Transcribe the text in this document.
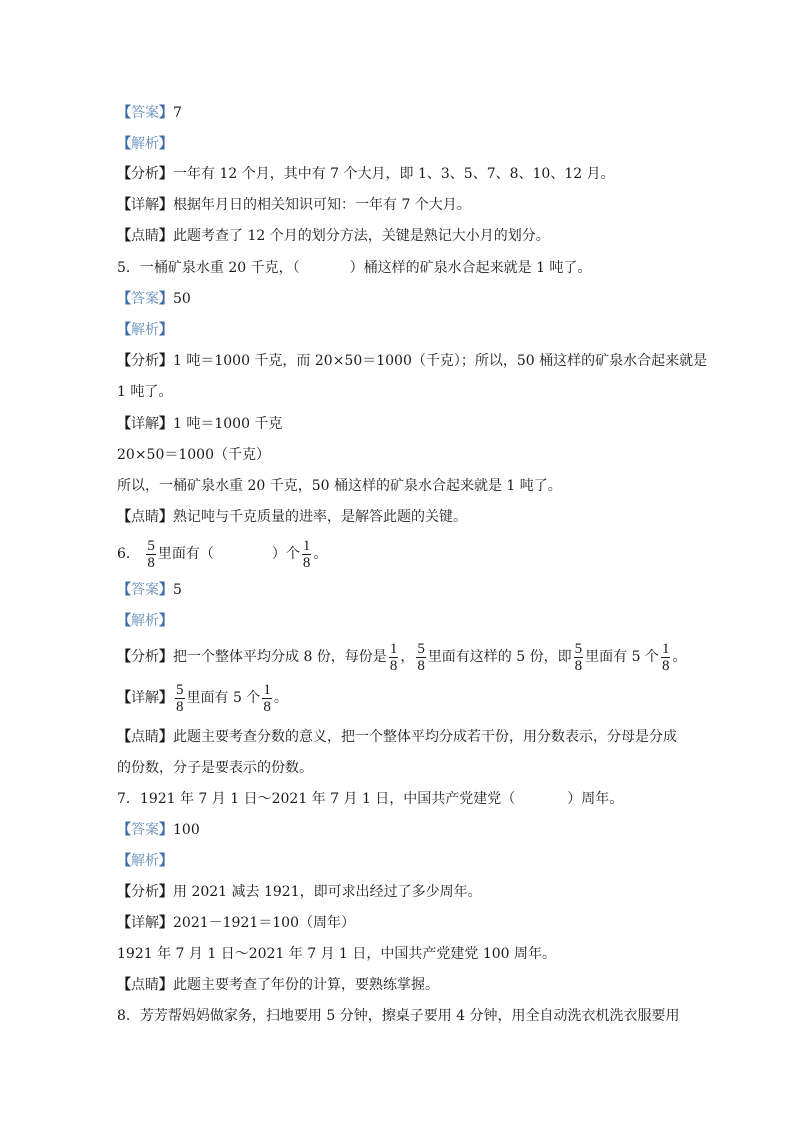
【答案】7
【解析】
【分析】一年有 12 个月，其中有 7 个大月，即 1、3、5、7、8、10、12 月。
【详解】根据年月日的相关知识可知：一年有 7 个大月。
【点睛】此题考查了 12 个月的划分方法，关键是熟记大小月的划分。
5．一桶矿泉水重 20 千克，（	）桶这样的矿泉水合起来就是 1 吨了。
【答案】50
【解析】
【分析】1 吨＝1000 千克，而 20×50＝1000（千克）；所以，50 桶这样的矿泉水合起来就是
1 吨了。
【详解】1 吨＝1000 千克
20×50＝1000（千克）
所以，一桶矿泉水重 20 千克，50 桶这样的矿泉水合起来就是 1 吨了。
【点睛】熟记吨与千克质量的进率，是解答此题的关键。
6． $\frac{5}{8}$ 里面有（	）个 $\frac{1}{8}$ 。
【答案】5
【解析】
【分析】把一个整体平均分成 8 份，每份是 $\frac{1}{8}$ ， $\frac{5}{8}$ 里面有这样的 5 份，即 $\frac{5}{8}$ 里面有 5 个 $\frac{1}{8}$ 。
【详解】 $\frac{5}{8}$ 里面有 5 个 $\frac{1}{8}$ 。
【点睛】此题主要考查分数的意义，把一个整体平均分成若干份，用分数表示，分母是分成
的份数，分子是要表示的份数。
7．1921 年 7 月 1 日～2021 年 7 月 1 日，中国共产党建党（	）周年。
【答案】100
【解析】
【分析】用 2021 减去 1921，即可求出经过了多少周年。
【详解】2021－1921＝100（周年）
1921 年 7 月 1 日～2021 年 7 月 1 日，中国共产党建党 100 周年。
【点睛】此题主要考查了年份的计算，要熟练掌握。
8．芳芳帮妈妈做家务，扫地要用 5 分钟，擦桌子要用 4 分钟，用全自动洗衣机洗衣服要用
